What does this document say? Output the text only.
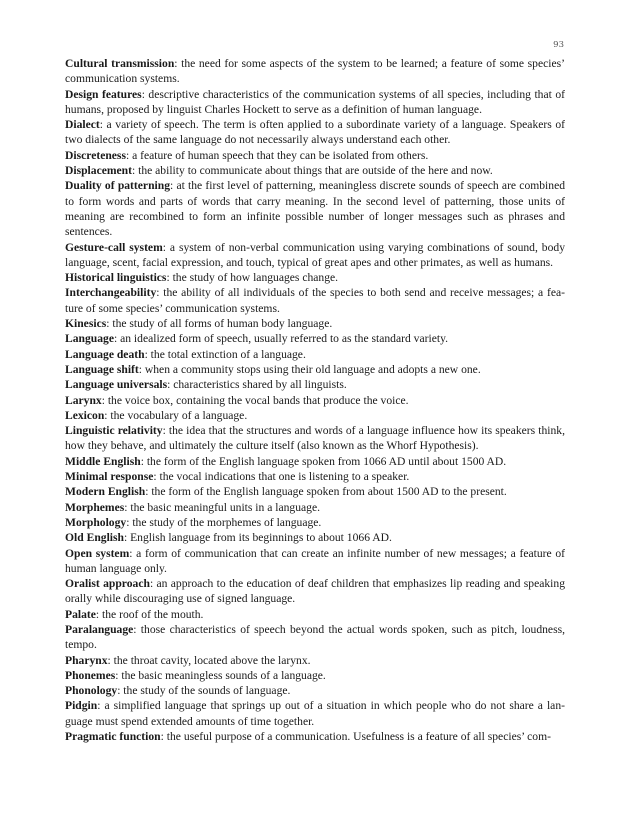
93

Cultural transmission: the need for some aspects of the system to be learned; a feature of some species’ communication systems.

Design features: descriptive characteristics of the communication systems of all species, including that of humans, proposed by linguist Charles Hockett to serve as a definition of human language.

Dialect: a variety of speech. The term is often applied to a subordinate variety of a language. Speakers of two dialects of the same language do not necessarily always understand each other.

Discreteness: a feature of human speech that they can be isolated from others.

Displacement: the ability to communicate about things that are outside of the here and now.

Duality of patterning: at the first level of patterning, meaningless discrete sounds of speech are combined to form words and parts of words that carry meaning. In the second level of patterning, those units of meaning are recombined to form an infinite possible number of longer messages such as phrases and sentences.

Gesture-call system: a system of non-verbal communication using varying combinations of sound, body language, scent, facial expression, and touch, typical of great apes and other primates, as well as humans.

Historical linguistics: the study of how languages change.

Interchangeability: the ability of all individuals of the species to both send and receive messages; a feature of some species’ communication systems.

Kinesics: the study of all forms of human body language.

Language: an idealized form of speech, usually referred to as the standard variety.

Language death: the total extinction of a language.

Language shift: when a community stops using their old language and adopts a new one.

Language universals: characteristics shared by all linguists.

Larynx: the voice box, containing the vocal bands that produce the voice.

Lexicon: the vocabulary of a language.

Linguistic relativity: the idea that the structures and words of a language influence how its speakers think, how they behave, and ultimately the culture itself (also known as the Whorf Hypothesis).

Middle English: the form of the English language spoken from 1066 AD until about 1500 AD.

Minimal response: the vocal indications that one is listening to a speaker.

Modern English: the form of the English language spoken from about 1500 AD to the present.

Morphemes: the basic meaningful units in a language.

Morphology: the study of the morphemes of language.

Old English: English language from its beginnings to about 1066 AD.

Open system: a form of communication that can create an infinite number of new messages; a feature of human language only.

Oralist approach: an approach to the education of deaf children that emphasizes lip reading and speaking orally while discouraging use of signed language.

Palate: the roof of the mouth.

Paralanguage: those characteristics of speech beyond the actual words spoken, such as pitch, loudness, tempo.

Pharynx: the throat cavity, located above the larynx.

Phonemes: the basic meaningless sounds of a language.

Phonology: the study of the sounds of language.

Pidgin: a simplified language that springs up out of a situation in which people who do not share a language must spend extended amounts of time together.

Pragmatic function: the useful purpose of a communication. Usefulness is a feature of all species’ com-
